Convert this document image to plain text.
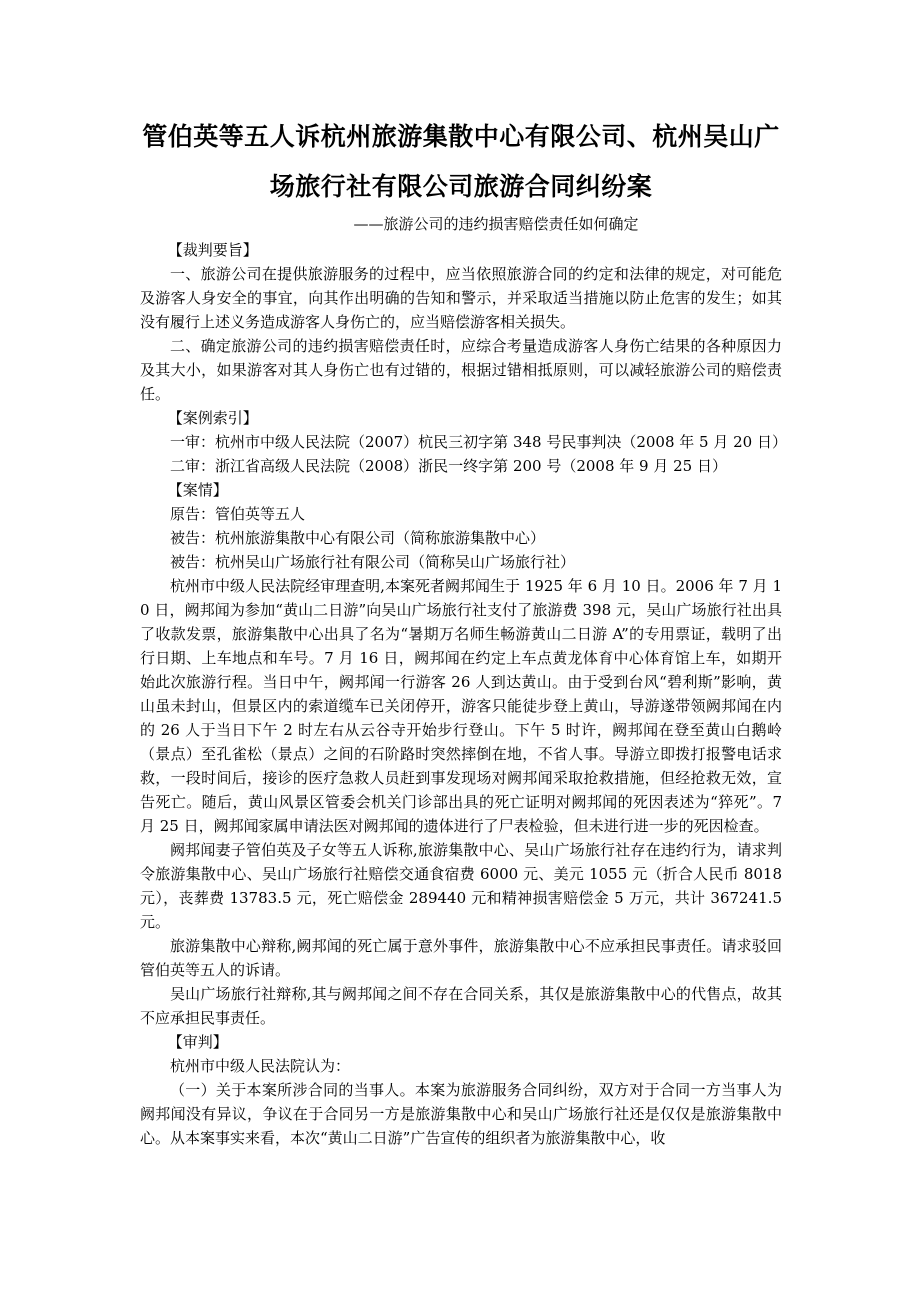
管伯英等五人诉杭州旅游集散中心有限公司、杭州吴山广场旅行社有限公司旅游合同纠纷案

——旅游公司的违约损害赔偿责任如何确定

【裁判要旨】

一、旅游公司在提供旅游服务的过程中，应当依照旅游合同的约定和法律的规定，对可能危及游客人身安全的事宜，向其作出明确的告知和警示，并采取适当措施以防止危害的发生；如其没有履行上述义务造成游客人身伤亡的，应当赔偿游客相关损失。

二、确定旅游公司的违约损害赔偿责任时，应综合考量造成游客人身伤亡结果的各种原因力及其大小，如果游客对其人身伤亡也有过错的，根据过错相抵原则，可以减轻旅游公司的赔偿责任。

【案例索引】

一审：杭州市中级人民法院（2007）杭民三初字第 348 号民事判决（2008 年 5 月 20 日）

二审：浙江省高级人民法院（2008）浙民一终字第 200 号（2008 年 9 月 25 日）

【案情】

原告：管伯英等五人

被告：杭州旅游集散中心有限公司（简称旅游集散中心）

被告：杭州吴山广场旅行社有限公司（简称吴山广场旅行社）

杭州市中级人民法院经审理查明,本案死者阙邦闻生于 1925 年 6 月 10 日。2006 年 7 月 10 日，阙邦闻为参加“黄山二日游”向吴山广场旅行社支付了旅游费 398 元，吴山广场旅行社出具了收款发票，旅游集散中心出具了名为“暑期万名师生畅游黄山二日游 A”的专用票证，载明了出行日期、上车地点和车号。7 月 16 日，阙邦闻在约定上车点黄龙体育中心体育馆上车，如期开始此次旅游行程。当日中午，阙邦闻一行游客 26 人到达黄山。由于受到台风“碧利斯”影响，黄山虽未封山，但景区内的索道缆车已关闭停开，游客只能徒步登上黄山，导游遂带领阙邦闻在内的 26 人于当日下午 2 时左右从云谷寺开始步行登山。下午 5 时许，阙邦闻在登至黄山白鹅岭（景点）至孔雀松（景点）之间的石阶路时突然摔倒在地，不省人事。导游立即拨打报警电话求救，一段时间后，接诊的医疗急救人员赶到事发现场对阙邦闻采取抢救措施，但经抢救无效，宣告死亡。随后，黄山风景区管委会机关门诊部出具的死亡证明对阙邦闻的死因表述为“猝死”。7 月 25 日，阙邦闻家属申请法医对阙邦闻的遗体进行了尸表检验，但未进行进一步的死因检查。

阙邦闻妻子管伯英及子女等五人诉称,旅游集散中心、吴山广场旅行社存在违约行为，请求判令旅游集散中心、吴山广场旅行社赔偿交通食宿费 6000 元、美元 1055 元（折合人民币 8018 元），丧葬费 13783.5 元，死亡赔偿金 289440 元和精神损害赔偿金 5 万元，共计 367241.5 元。

旅游集散中心辩称,阙邦闻的死亡属于意外事件，旅游集散中心不应承担民事责任。请求驳回管伯英等五人的诉请。

吴山广场旅行社辩称,其与阙邦闻之间不存在合同关系，其仅是旅游集散中心的代售点，故其不应承担民事责任。

【审判】

杭州市中级人民法院认为：

（一）关于本案所涉合同的当事人。本案为旅游服务合同纠纷，双方对于合同一方当事人为阙邦闻没有异议，争议在于合同另一方是旅游集散中心和吴山广场旅行社还是仅仅是旅游集散中心。从本案事实来看，本次“黄山二日游”广告宣传的组织者为旅游集散中心，收
